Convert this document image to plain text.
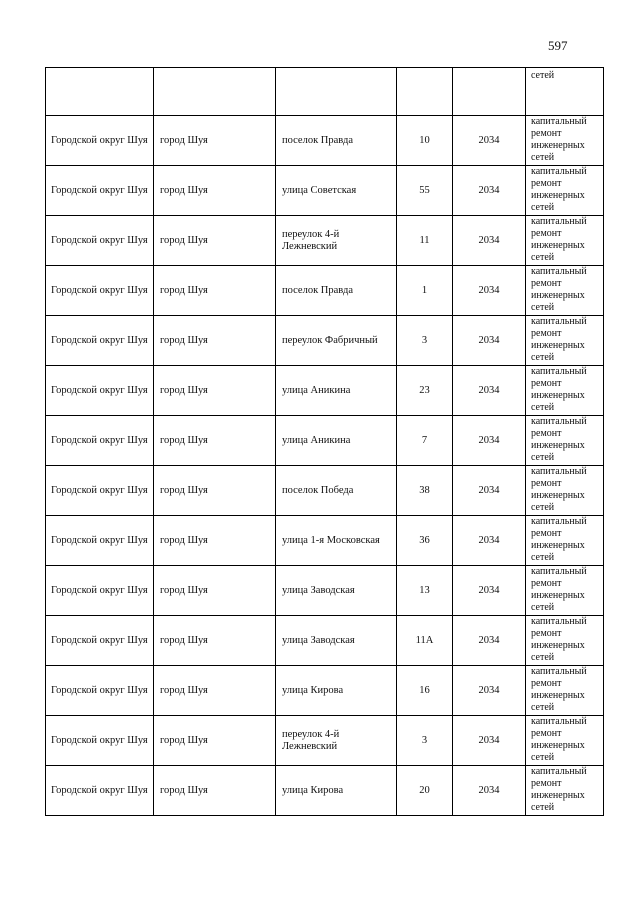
597
					сетей
Городской округ Шуя	город Шуя	поселок Правда	10	2034	капитальный ремонт инженерных сетей
Городской округ Шуя	город Шуя	улица Советская	55	2034	капитальный ремонт инженерных сетей
Городской округ Шуя	город Шуя	переулок 4-й Лежневский	11	2034	капитальный ремонт инженерных сетей
Городской округ Шуя	город Шуя	поселок Правда	1	2034	капитальный ремонт инженерных сетей
Городской округ Шуя	город Шуя	переулок Фабричный	3	2034	капитальный ремонт инженерных сетей
Городской округ Шуя	город Шуя	улица Аникина	23	2034	капитальный ремонт инженерных сетей
Городской округ Шуя	город Шуя	улица Аникина	7	2034	капитальный ремонт инженерных сетей
Городской округ Шуя	город Шуя	поселок Победа	38	2034	капитальный ремонт инженерных сетей
Городской округ Шуя	город Шуя	улица 1-я Московская	36	2034	капитальный ремонт инженерных сетей
Городской округ Шуя	город Шуя	улица Заводская	13	2034	капитальный ремонт инженерных сетей
Городской округ Шуя	город Шуя	улица Заводская	11А	2034	капитальный ремонт инженерных сетей
Городской округ Шуя	город Шуя	улица Кирова	16	2034	капитальный ремонт инженерных сетей
Городской округ Шуя	город Шуя	переулок 4-й Лежневский	3	2034	капитальный ремонт инженерных сетей
Городской округ Шуя	город Шуя	улица Кирова	20	2034	капитальный ремонт инженерных сетей
